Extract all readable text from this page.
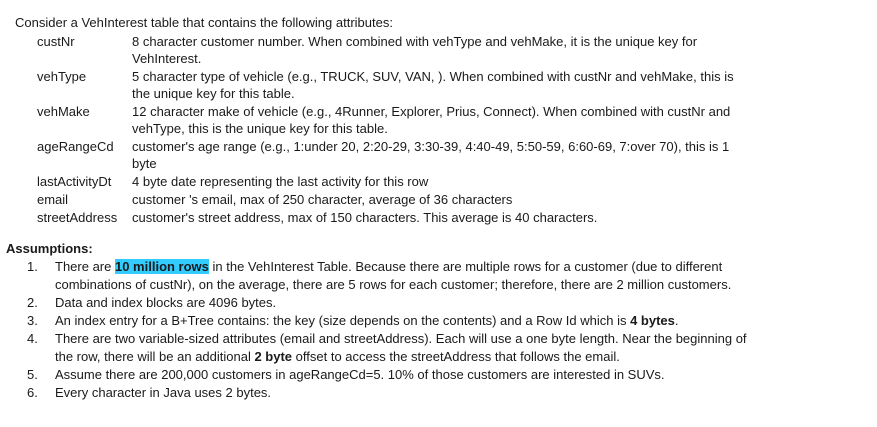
Consider a VehInterest table that contains the following attributes:
custNr	8 character customer number. When combined with vehType and vehMake, it is the unique key for VehInterest.
vehType	5 character type of vehicle (e.g., TRUCK, SUV, VAN, ). When combined with custNr and vehMake, this is the unique key for this table.
vehMake	12 character make of vehicle (e.g., 4Runner, Explorer, Prius, Connect). When combined with custNr and vehType, this is the unique key for this table.
ageRangeCd	customer's age range (e.g., 1:under 20, 2:20-29, 3:30-39, 4:40-49, 5:50-59, 6:60-69, 7:over 70), this is 1 byte
lastActivityDt	4 byte date representing the last activity for this row
email	customer 's email, max of 250 character, average of 36 characters
streetAddress	customer's street address, max of 150 characters. This average is 40 characters.
Assumptions:
1. There are 10 million rows in the VehInterest Table. Because there are multiple rows for a customer (due to different combinations of custNr), on the average, there are 5 rows for each customer; therefore, there are 2 million customers.
2. Data and index blocks are 4096 bytes.
3. An index entry for a B+Tree contains: the key (size depends on the contents) and a Row Id which is 4 bytes.
4. There are two variable-sized attributes (email and streetAddress). Each will use a one byte length. Near the beginning of the row, there will be an additional 2 byte offset to access the streetAddress that follows the email.
5. Assume there are 200,000 customers in ageRangeCd=5. 10% of those customers are interested in SUVs.
6. Every character in Java uses 2 bytes.
